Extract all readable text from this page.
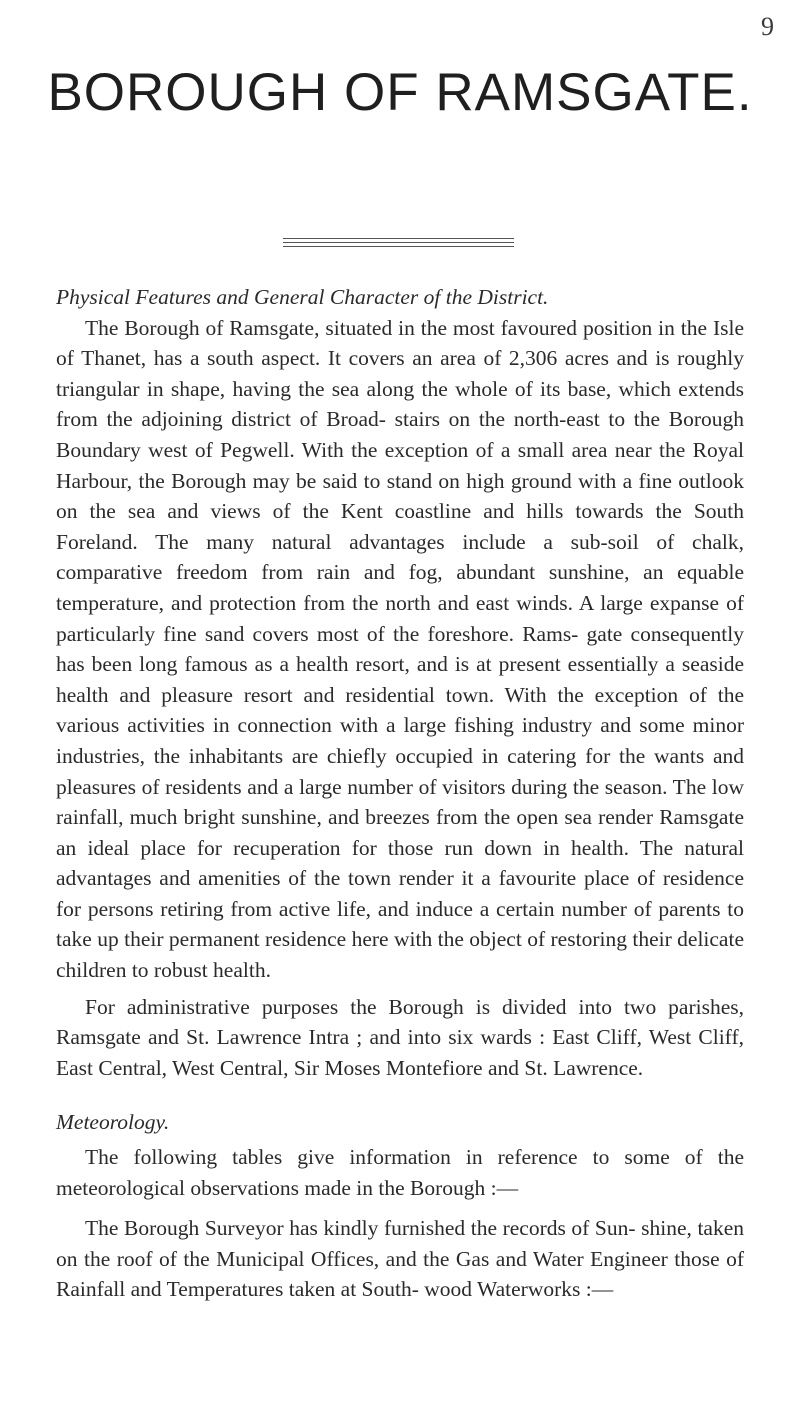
9
BOROUGH OF RAMSGATE.
Physical Features and General Character of the District.

The Borough of Ramsgate, situated in the most favoured position in the Isle of Thanet, has a south aspect. It covers an area of 2,306 acres and is roughly triangular in shape, having the sea along the whole of its base, which extends from the adjoining district of Broad- stairs on the north-east to the Borough Boundary west of Pegwell. With the exception of a small area near the Royal Harbour, the Borough may be said to stand on high ground with a fine outlook on the sea and views of the Kent coastline and hills towards the South Foreland. The many natural advantages include a sub-soil of chalk, comparative freedom from rain and fog, abundant sunshine, an equable temperature, and protection from the north and east winds. A large expanse of particularly fine sand covers most of the foreshore. Rams- gate consequently has been long famous as a health resort, and is at present essentially a seaside health and pleasure resort and residential town. With the exception of the various activities in connection with a large fishing industry and some minor industries, the inhabitants are chiefly occupied in catering for the wants and pleasures of residents and a large number of visitors during the season. The low rainfall, much bright sunshine, and breezes from the open sea render Ramsgate an ideal place for recuperation for those run down in health. The natural advantages and amenities of the town render it a favourite place of residence for persons retiring from active life, and induce a certain number of parents to take up their permanent residence here with the object of restoring their delicate children to robust health.

For administrative purposes the Borough is divided into two parishes, Ramsgate and St. Lawrence Intra ; and into six wards : East Cliff, West Cliff, East Central, West Central, Sir Moses Montefiore and St. Lawrence.

Meteorology.

The following tables give information in reference to some of the meteorological observations made in the Borough :—

The Borough Surveyor has kindly furnished the records of Sun- shine, taken on the roof of the Municipal Offices, and the Gas and Water Engineer those of Rainfall and Temperatures taken at South- wood Waterworks :—
